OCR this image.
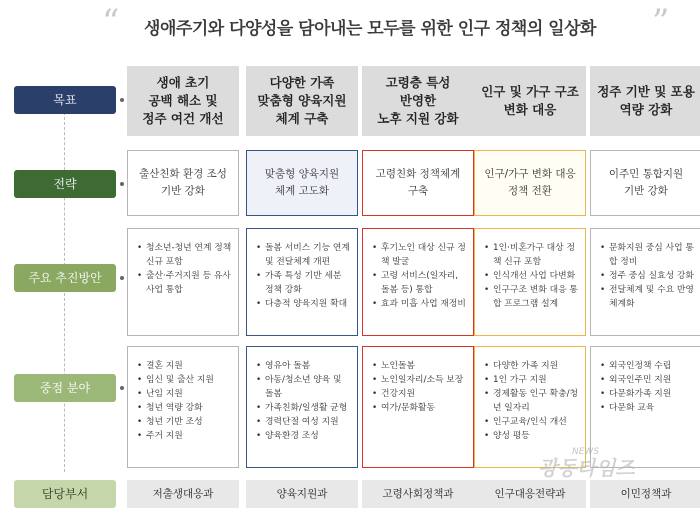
“	”
생애주기와 다양성을 담아내는 모두를 위한 인구 정책의 일상화
목표
전략
주요 추진방안
중점 분야
담당부서
생애 초기
공백 해소 및
정주 여건 개선
출산친화 환경 조성
기반 강화
• 청소년-청년 연계 정책 신규 포함
• 출산·주거지원 등 유사 사업 통합
• 결혼 지원
• 임신 및 출산 지원
• 난임 지원
• 청년 역량 강화
• 청년 기반 조성
• 주거 지원
저출생대응과
다양한 가족
맞춤형 양육지원
체계 구축
맞춤형 양육지원
체계 고도화
• 돌봄 서비스 기능 연계 및 전달체계 개편
• 가족 특성 기반 세분 정책 강화
• 다층적 양육지원 확대
• 영유아 돌봄
• 아동/청소년 양육 및 돌봄
• 가족친화/일생활 균형
• 경력단절 여성 지원
• 양육환경 조성
양육지원과
고령층 특성
반영한
노후 지원 강화
고령친화 정책체계
구축
• 후기노인 대상 신규 정책 발굴
• 고령 서비스(일자리, 돌봄 등) 통합
• 효과 미흡 사업 재정비
• 노인돌봄
• 노인일자리/소득 보장
• 건강지원
• 여가/문화활동
고령사회정책과
인구 및 가구 구조
변화 대응
인구/가구 변화 대응
정책 전환
• 1인·비혼가구 대상 정책 신규 포함
• 인식개선 사업 다변화
• 인구구조 변화 대응 통합 프로그램 설계
• 다양한 가족 지원
• 1인 가구 지원
• 경제활동 인구 확충/청년 일자리
• 인구교육/인식 개선
• 양성 평등
인구대응전략과
정주 기반 및 포용
역량 강화
이주민 통합지원
기반 강화
• 문화지원 중심 사업 통합 정비
• 정주 중심 실효성 강화
• 전달체계 및 수요 반영 체계화
• 외국인정책 수립
• 외국인주민 지원
• 다문화가족 지원
• 다문화 교육
이민정책과
NEWS
광동타임즈
